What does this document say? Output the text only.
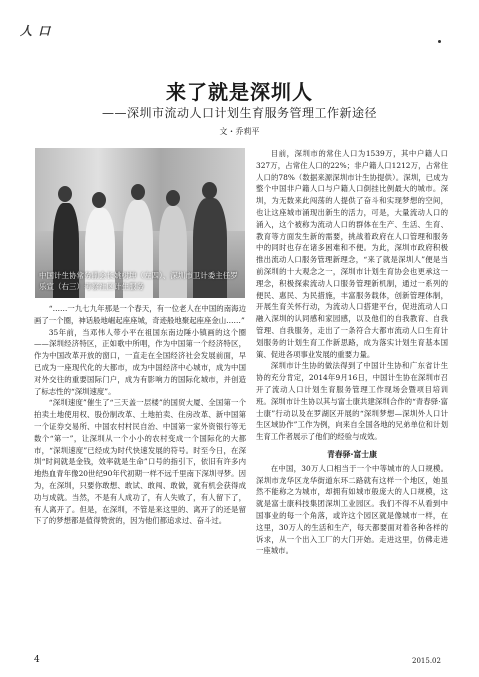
人 口
来了就是深圳人
——深圳市流动人口计划生育服务管理工作新途径
文・乔莉平
中国计生协常务副会长姚树坤（左四）、深圳市卫计委主任罗乐宣（右三）考察社区计生服务

“……一九七九年那是一个春天，有一位老人在中国的南海边画了一个圈，神话般地崛起座座城，奇迹般地聚起座座金山……”

35年前，当邓伟人带小平在祖国东南边陲小镇画的这个圈——深圳经济特区，正如歌中所唱，作为中国第一个经济特区，作为中国改革开放的窗口，一直走在全国经济社会发展前面，早已成为一座现代化的大都市，成为中国经济中心城市，成为中国对外交往的重要国际门户，成为有影响力的国际化城市，并创造了标志性的“深圳速度”。

“深圳速度”催生了“三天盖一层楼”的国贸大厦、全国第一个拍卖土地使用权、股份制改革、土地拍卖、住房改革、新中国第一个证券交易所、中国农村村民自治、中国第一家外资银行等无数个“第一”，让深圳从一个小小的农村变成一个国际化的大都市，“深圳速度”已经成为时代快速发展的符号。时至今日，在深圳“时间就是金钱，效率就是生命”口号的指引下，依旧有许多内地热血青年像20世纪90年代初期一样不远千里南下深圳寻梦。因为，在深圳，只要你敢想、敢试、敢闯、敢做，就有机会获得成功与成就。当然，不是有人成功了，有人失败了，有人留下了，有人离开了。但是，在深圳，不管是来这里的、离开了的还是留下了的梦想都是值得赞赏的，因为他们都追求过、奋斗过。

目前，深圳市的常住人口为1539万，其中户籍人口327万，占常住人口的22%；非户籍人口1212万，占常住人口的78%（数据来源深圳市计生协提供）。深圳，已成为整个中国非户籍人口与户籍人口倒挂比例最大的城市。深圳，为无数来此闯荡的人提供了奋斗和实现梦想的空间，也让这座城市涌现出新生的活力，可是，大量流动人口的涌入，这个被称为流动人口的群体在生产、生活、生育、教育等方面发生新的需要，挑战着政府在人口管理和服务中的同时也存在诸多困难和不便。为此，深圳市政府积极推出流动人口服务管理新理念，“来了就是深圳人”便是当前深圳的十大观念之一，深圳市计划生育协会也更承这一理念，积极探索流动人口服务管理新机制，通过一系列的便民、惠民、为民措施，丰富服务载体，创新管理体制，开展生育关怀行动，为流动人口搭建平台，促进流动人口融入深圳的认同感和家园感，以及他们的自我教育、自我管理、自我服务，走出了一条符合大都市流动人口生育计划服务的计划生育工作新思路，成为落实计划生育基本国策、促进各项事业发展的重要力量。

深圳市计生协的做法得到了中国计生协和广东省计生协的充分肯定，2014年9月16日，中国计生协在深圳市召开了流动人口计划生育服务管理工作现场会暨项目培训班。深圳市计生协以其与富士康共建深圳合作的“青春驿·富士康”行动以及在罗湖区开展的“深圳梦想—深圳外人口计生区域协作”工作为例，向来自全国各地的兄弟单位和计划生育工作者展示了他们的经验与成效。

青春驿·富士康

在中国，30万人口相当于一个中等城市的人口规模。深圳市龙华区龙华街道东环二路就有这样一个地区，她虽然不能称之为城市，却拥有如城市般庞大的人口规模，这就是富士康科技集团深圳工业园区。我们不得不从看到中国事业的每一个角落，或许这个园区就是像城市一样，在这里，30万人的生活和生产，每天都要面对着各种各样的诉求，从一个出入工厂的大门开始。走进这里，仿佛走进一座城市。

4	2015.02
